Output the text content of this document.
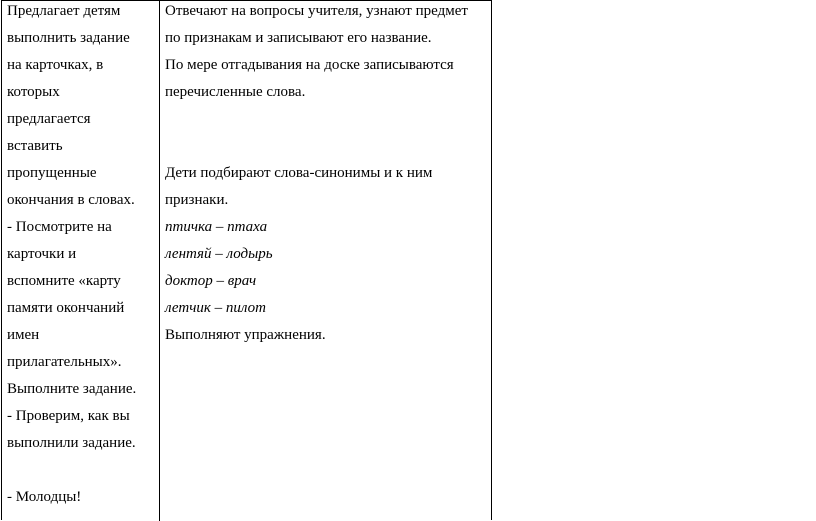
Предлагает детям
выполнить задание
на карточках, в
которых
предлагается
вставить
пропущенные
окончания в словах.
- Посмотрите на
карточки и
вспомните «карту
памяти окончаний
имен
прилагательных».
Выполните задание.
- Проверим, как вы
выполнили задание.
- Молодцы!
Отвечают на вопросы учителя, узнают предмет
по признакам и записывают его название.
По мере отгадывания на доске записываются
перечисленные слова.
Дети подбирают слова-синонимы и к ним
признаки.
птичка – птаха
лентяй – лодырь
доктор – врач
летчик – пилот
Выполняют упражнения.
